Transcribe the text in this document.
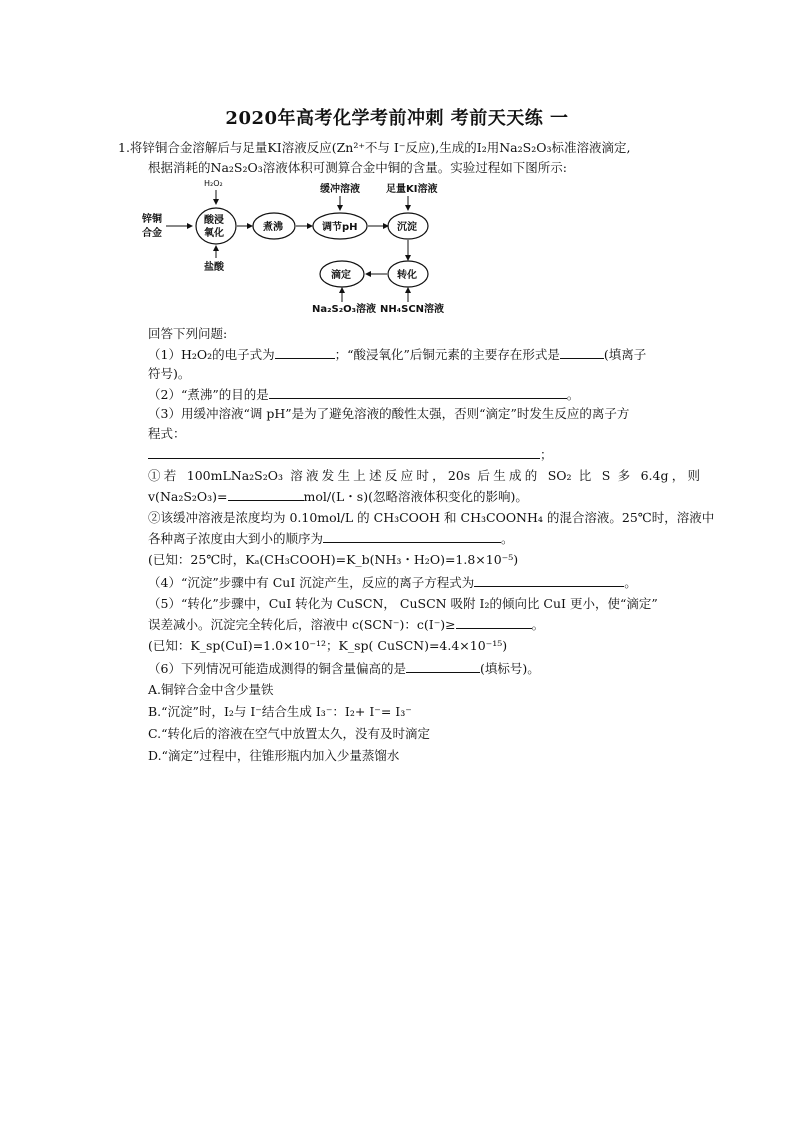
2020年高考化学考前冲刺 考前天天练 一
1.将锌铜合金溶解后与足量KI溶液反应(Zn²⁺不与 I⁻反应),生成的I₂用Na₂S₂O₃标准溶液滴定,
根据消耗的Na₂S₂O₃溶液体积可测算合金中铜的含量。实验过程如下图所示:
锌铜
合金
H₂O₂
酸浸
氧化
盐酸
煮沸
缓冲溶液
调节pH
足量KI溶液
沉淀
转化
NH₄SCN溶液
滴定
Na₂S₂O₃溶液
回答下列问题:
（1）H₂O₂的电子式为	；“酸浸氧化”后铜元素的主要存在形式是	(填离子
符号)。
（2）“煮沸”的目的是	。
（3）用缓冲溶液“调 pH”是为了避免溶液的酸性太强，否则“滴定”时发生反应的离子方
程式：
；
①若 100mLNa₂S₂O₃ 溶液发生上述反应时，20s 后生成的 SO₂ 比 S 多 6.4g，则
v(Na₂S₂O₃)=	mol/(L・s)(忽略溶液体积变化的影响)。
②该缓冲溶液是浓度均为 0.10mol/L 的 CH₃COOH 和 CH₃COONH₄ 的混合溶液。25℃时，溶液中
各种离子浓度由大到小的顺序为	。
(已知：25℃时，Kₐ(CH₃COOH)=K_b(NH₃・H₂O)=1.8×10⁻⁵)
（4）“沉淀”步骤中有 CuI 沉淀产生，反应的离子方程式为	。
（5）“转化”步骤中，CuI 转化为 CuSCN， CuSCN 吸附 I₂的倾向比 CuI 更小，使“滴定”
误差减小。沉淀完全转化后，溶液中 c(SCN⁻)：c(I⁻)≥	。
(已知：K_sp(CuI)=1.0×10⁻¹²；K_sp( CuSCN)=4.4×10⁻¹⁵)
（6）下列情况可能造成测得的铜含量偏高的是	(填标号)。
A.铜锌合金中含少量铁
B.“沉淀”时，I₂与 I⁻结合生成 I₃⁻：I₂+ I⁻= I₃⁻
C.“转化后的溶液在空气中放置太久，没有及时滴定
D.“滴定”过程中，往锥形瓶内加入少量蒸馏水
